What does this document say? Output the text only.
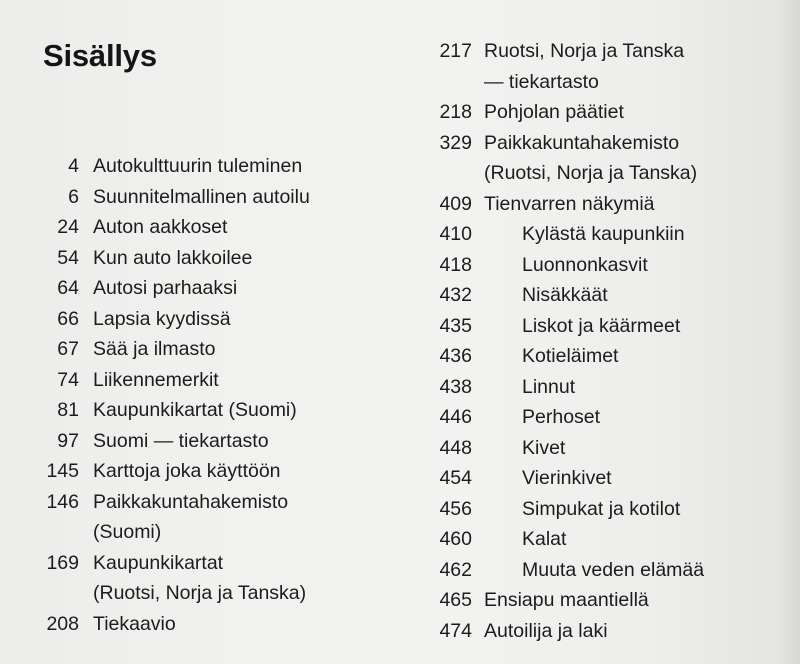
Sisällys
4 Autokulttuurin tuleminen
6 Suunnitelmallinen autoilu
24 Auton aakkoset
54 Kun auto lakkoilee
64 Autosi parhaaksi
66 Lapsia kyydissä
67 Sää ja ilmasto
74 Liikennemerkit
81 Kaupunkikartat (Suomi)
97 Suomi — tiekartasto
145 Karttoja joka käyttöön
146 Paikkakuntahakemisto
(Suomi)
169 Kaupunkikartat
(Ruotsi, Norja ja Tanska)
208 Tiekaavio
217 Ruotsi, Norja ja Tanska
— tiekartasto
218 Pohjolan päätiet
329 Paikkakuntahakemisto
(Ruotsi, Norja ja Tanska)
409 Tienvarren näkymiä
410	Kylästä kaupunkiin
418	Luonnonkasvit
432	Nisäkkäät
435	Liskot ja käärmeet
436	Kotieläimet
438	Linnut
446	Perhoset
448	Kivet
454	Vierinkivet
456	Simpukat ja kotilot
460	Kalat
462	Muuta veden elämää
465 Ensiapu maantiellä
474 Autoilija ja laki
